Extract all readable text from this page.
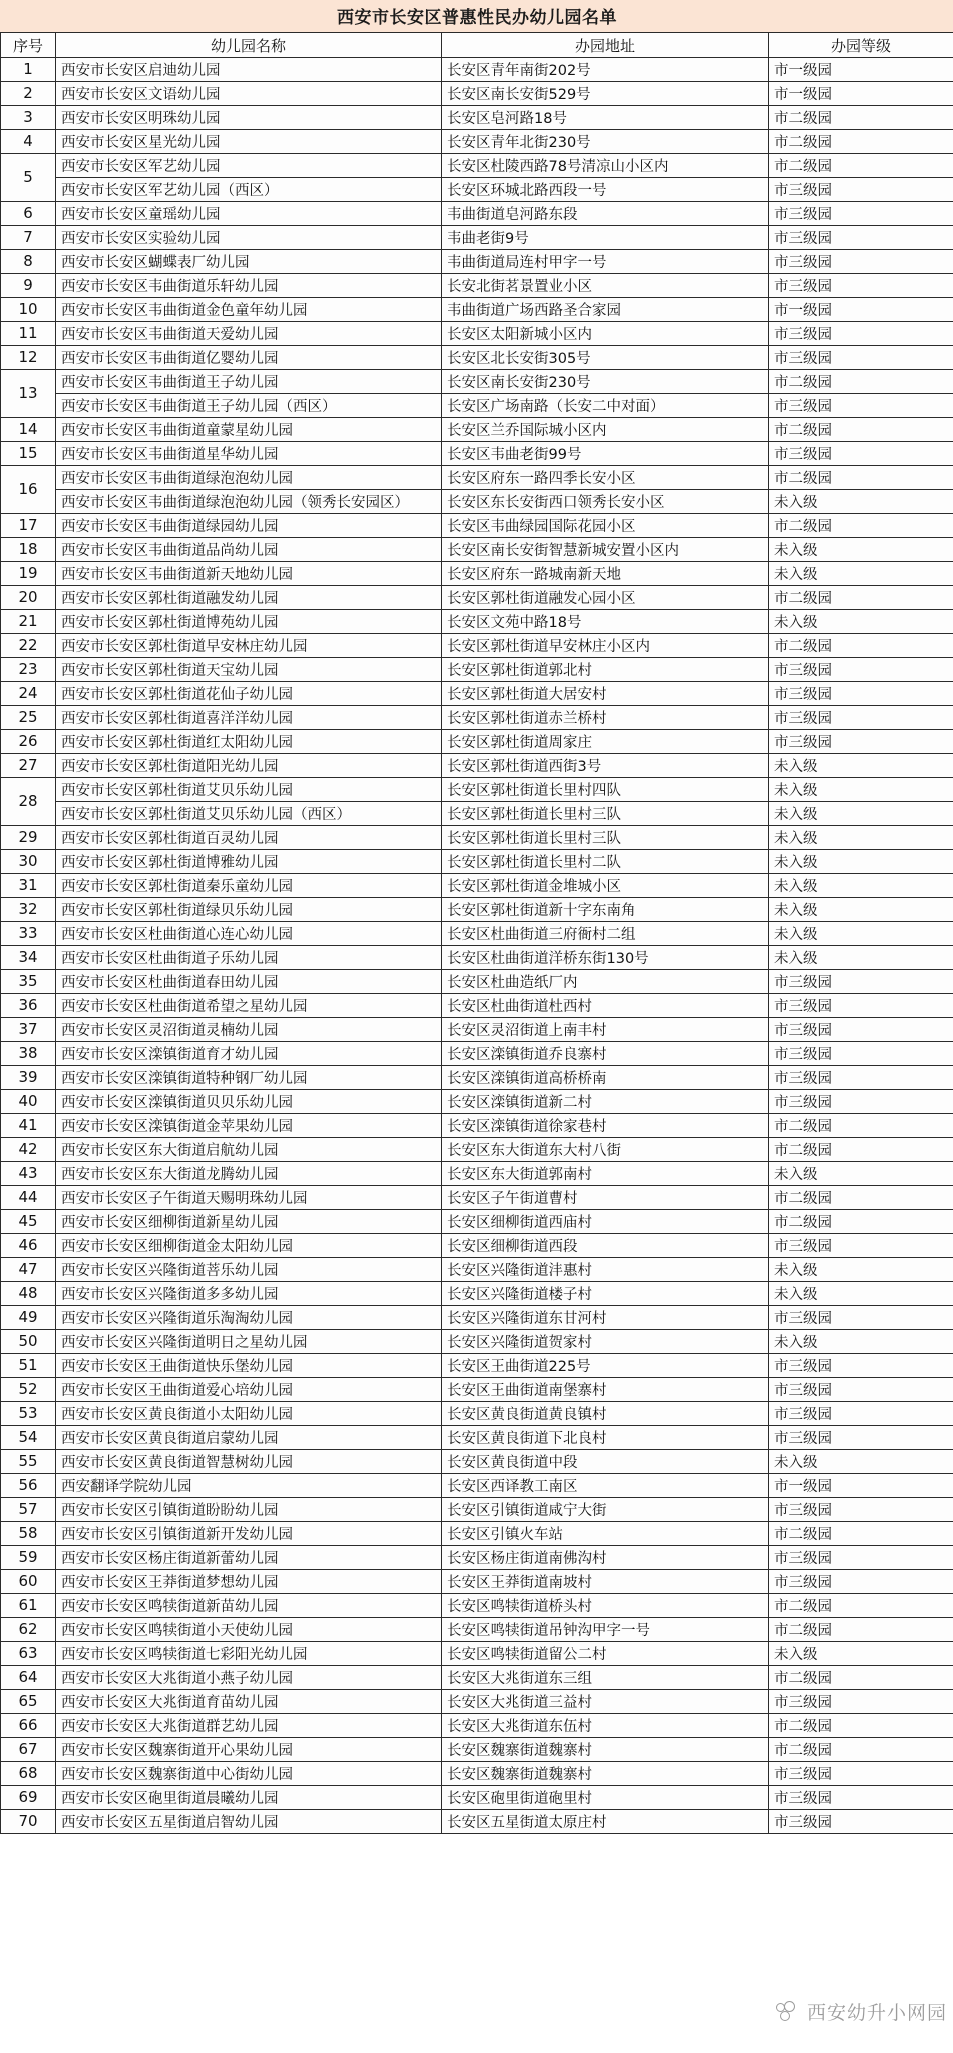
西安市长安区普惠性民办幼儿园名单			
序号	幼儿园名称	办园地址	办园等级
1	西安市长安区启迪幼儿园	长安区青年南街202号	市一级园
2	西安市长安区文语幼儿园	长安区南长安街529号	市一级园
3	西安市长安区明珠幼儿园	长安区皂河路18号	市二级园
4	西安市长安区星光幼儿园	长安区青年北街230号	市二级园
5	西安市长安区军艺幼儿园	长安区杜陵西路78号清凉山小区内	市二级园
	西安市长安区军艺幼儿园（西区）	长安区环城北路西段一号	市三级园
6	西安市长安区童瑶幼儿园	韦曲街道皂河路东段	市三级园
7	西安市长安区实验幼儿园	韦曲老街9号	市三级园
8	西安市长安区蝴蝶表厂幼儿园	韦曲街道局连村甲字一号	市三级园
9	西安市长安区韦曲街道乐轩幼儿园	长安北街茗景置业小区	市三级园
10	西安市长安区韦曲街道金色童年幼儿园	韦曲街道广场西路圣合家园	市一级园
11	西安市长安区韦曲街道天爱幼儿园	长安区太阳新城小区内	市三级园
12	西安市长安区韦曲街道亿婴幼儿园	长安区北长安街305号	市三级园
13	西安市长安区韦曲街道王子幼儿园	长安区南长安街230号	市二级园
	西安市长安区韦曲街道王子幼儿园（西区）	长安区广场南路（长安二中对面）	市三级园
14	西安市长安区韦曲街道童蒙星幼儿园	长安区兰乔国际城小区内	市二级园
15	西安市长安区韦曲街道星华幼儿园	长安区韦曲老街99号	市三级园
16	西安市长安区韦曲街道绿泡泡幼儿园	长安区府东一路四季长安小区	市二级园
	西安市长安区韦曲街道绿泡泡幼儿园（领秀长安园区）	长安区东长安街西口领秀长安小区	未入级
17	西安市长安区韦曲街道绿园幼儿园	长安区韦曲绿园国际花园小区	市二级园
18	西安市长安区韦曲街道品尚幼儿园	长安区南长安街智慧新城安置小区内	未入级
19	西安市长安区韦曲街道新天地幼儿园	长安区府东一路城南新天地	未入级
20	西安市长安区郭杜街道融发幼儿园	长安区郭杜街道融发心园小区	市二级园
21	西安市长安区郭杜街道博苑幼儿园	长安区文苑中路18号	未入级
22	西安市长安区郭杜街道早安林庄幼儿园	长安区郭杜街道早安林庄小区内	市二级园
23	西安市长安区郭杜街道天宝幼儿园	长安区郭杜街道郭北村	市三级园
24	西安市长安区郭杜街道花仙子幼儿园	长安区郭杜街道大居安村	市三级园
25	西安市长安区郭杜街道喜洋洋幼儿园	长安区郭杜街道赤兰桥村	市三级园
26	西安市长安区郭杜街道红太阳幼儿园	长安区郭杜街道周家庄	市三级园
27	西安市长安区郭杜街道阳光幼儿园	长安区郭杜街道西街3号	未入级
28	西安市长安区郭杜街道艾贝乐幼儿园	长安区郭杜街道长里村四队	未入级
	西安市长安区郭杜街道艾贝乐幼儿园（西区）	长安区郭杜街道长里村三队	未入级
29	西安市长安区郭杜街道百灵幼儿园	长安区郭杜街道长里村三队	未入级
30	西安市长安区郭杜街道博雅幼儿园	长安区郭杜街道长里村二队	未入级
31	西安市长安区郭杜街道秦乐童幼儿园	长安区郭杜街道金堆城小区	未入级
32	西安市长安区郭杜街道绿贝乐幼儿园	长安区郭杜街道新十字东南角	未入级
33	西安市长安区杜曲街道心连心幼儿园	长安区杜曲街道三府衙村二组	未入级
34	西安市长安区杜曲街道子乐幼儿园	长安区杜曲街道洋桥东街130号	未入级
35	西安市长安区杜曲街道春田幼儿园	长安区杜曲造纸厂内	市三级园
36	西安市长安区杜曲街道希望之星幼儿园	长安区杜曲街道杜西村	市三级园
37	西安市长安区灵沼街道灵楠幼儿园	长安区灵沼街道上南丰村	市三级园
38	西安市长安区滦镇街道育才幼儿园	长安区滦镇街道乔良寨村	市三级园
39	西安市长安区滦镇街道特种钢厂幼儿园	长安区滦镇街道高桥桥南	市三级园
40	西安市长安区滦镇街道贝贝乐幼儿园	长安区滦镇街道新二村	市三级园
41	西安市长安区滦镇街道金苹果幼儿园	长安区滦镇街道徐家巷村	市二级园
42	西安市长安区东大街道启航幼儿园	长安区东大街道东大村八街	市二级园
43	西安市长安区东大街道龙腾幼儿园	长安区东大街道郭南村	未入级
44	西安市长安区子午街道天赐明珠幼儿园	长安区子午街道曹村	市二级园
45	西安市长安区细柳街道新星幼儿园	长安区细柳街道西庙村	市二级园
46	西安市长安区细柳街道金太阳幼儿园	长安区细柳街道西段	市三级园
47	西安市长安区兴隆街道菩乐幼儿园	长安区兴隆街道沣惠村	未入级
48	西安市长安区兴隆街道多多幼儿园	长安区兴隆街道楼子村	未入级
49	西安市长安区兴隆街道乐淘淘幼儿园	长安区兴隆街道东甘河村	市三级园
50	西安市长安区兴隆街道明日之星幼儿园	长安区兴隆街道贺家村	未入级
51	西安市长安区王曲街道快乐堡幼儿园	长安区王曲街道225号	市三级园
52	西安市长安区王曲街道爱心培幼儿园	长安区王曲街道南堡寨村	市三级园
53	西安市长安区黄良街道小太阳幼儿园	长安区黄良街道黄良镇村	市三级园
54	西安市长安区黄良街道启蒙幼儿园	长安区黄良街道下北良村	市三级园
55	西安市长安区黄良街道智慧树幼儿园	长安区黄良街道中段	未入级
56	西安翻译学院幼儿园	长安区西译教工南区	市一级园
57	西安市长安区引镇街道盼盼幼儿园	长安区引镇街道咸宁大街	市三级园
58	西安市长安区引镇街道新开发幼儿园	长安区引镇火车站	市二级园
59	西安市长安区杨庄街道新蕾幼儿园	长安区杨庄街道南佛沟村	市三级园
60	西安市长安区王莽街道梦想幼儿园	长安区王莽街道南坡村	市三级园
61	西安市长安区鸣犊街道新苗幼儿园	长安区鸣犊街道桥头村	市二级园
62	西安市长安区鸣犊街道小天使幼儿园	长安区鸣犊街道吊钟沟甲字一号	市二级园
63	西安市长安区鸣犊街道七彩阳光幼儿园	长安区鸣犊街道留公二村	未入级
64	西安市长安区大兆街道小燕子幼儿园	长安区大兆街道东三组	市二级园
65	西安市长安区大兆街道育苗幼儿园	长安区大兆街道三益村	市三级园
66	西安市长安区大兆街道群艺幼儿园	长安区大兆街道东伍村	市二级园
67	西安市长安区魏寨街道开心果幼儿园	长安区魏寨街道魏寨村	市二级园
68	西安市长安区魏寨街道中心街幼儿园	长安区魏寨街道魏寨村	市三级园
69	西安市长安区砲里街道晨曦幼儿园	长安区砲里街道砲里村	市三级园
70	西安市长安区五星街道启智幼儿园	长安区五星街道太原庄村	市三级园
西安幼升小网园
